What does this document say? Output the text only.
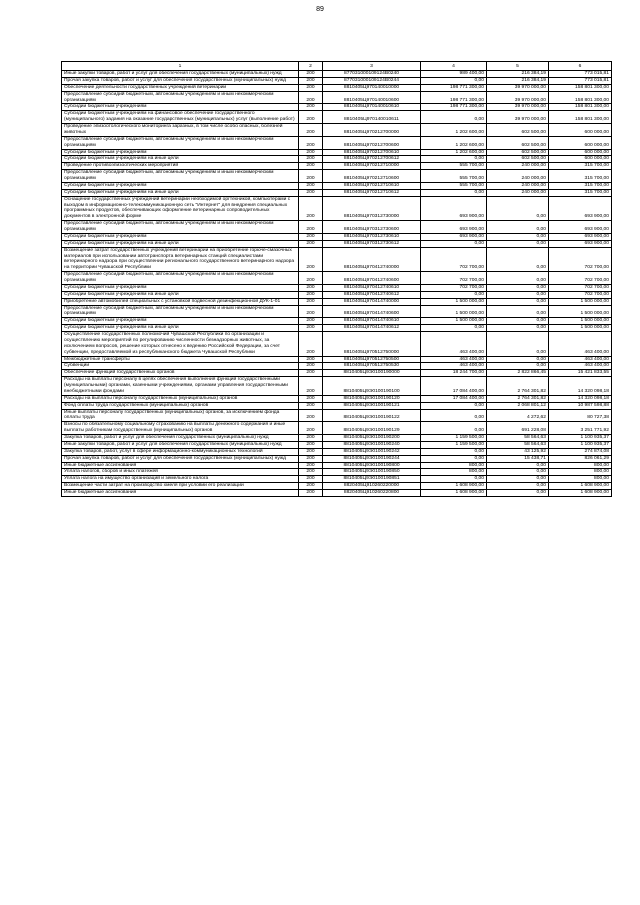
89
1	2	3	4	5	6
Иные закупки товаров, работ и услуг для обеспечения государственных (муниципальных) нужд	200	877031000109124B0240	989 400,00	216 384,19	773 015,81
Прочая закупка товаров, работ и услуг для обеспечения государственных (муниципальных) нужд	200	877031000109124B0244	0,00	216 384,19	773 015,81
Обеспечение деятельности государственных учреждений ветеринарии	200	8810405Ц970140010000	198 771 300,00	39 970 000,00	158 801 300,00
Предоставление субсидий бюджетным, автономным учреждениям и иным некоммерческим организациям	200	8810405Ц970140010600	198 771 300,00	39 970 000,00	158 801 300,00
Субсидии бюджетным учреждениям	200	8810405Ц970140010610	198 771 300,00	39 970 000,00	158 801 300,00
Субсидии бюджетным учреждениям на финансовое обеспечение государственного (муниципального) задания на оказание государственных (муниципальных) услуг (выполнение работ)	200	8810405Ц970140010611	0,00	39 970 000,00	158 801 300,00
Проведение эпизоотологического мониторинга заразных, в том числе особо опасных, болезней животных	200	8810405Ц970212700000	1 202 600,00	602 500,00	600 000,00
Предоставление субсидий бюджетным, автономным учреждениям и иным некоммерческим организациям	200	8810405Ц970212700600	1 202 600,00	602 500,00	600 000,00
Субсидии бюджетным учреждениям	200	8810405Ц970212700610	1 202 600,00	602 500,00	600 000,00
Субсидии бюджетным учреждениям на иные цели	200	8810405Ц970212700612	0,00	602 500,00	600 000,00
Проведение противоэпизоотических мероприятий	200	8810405Ц970212710000	555 700,00	240 000,00	315 700,00
Предоставление субсидий бюджетным, автономным учреждениям и иным некоммерческим организациям	200	8810405Ц970212710600	555 700,00	240 000,00	315 700,00
Субсидии бюджетным учреждениям	200	8810405Ц970212710610	555 700,00	240 000,00	315 700,00
Субсидии бюджетным учреждениям на иные цели	200	8810405Ц970212710612	0,00	240 000,00	315 700,00
Оснащение государственных учреждений ветеринарии необходимой оргтехникой, компьютерами с выходом в информационно-телекоммуникационную сеть "Интернет" для внедрения специальных программных продуктов, обеспечивающих оформление ветеринарных сопроводительных документов в электронной форме	200	8810405Ц970312730000	693 900,00	0,00	693 900,00
Предоставление субсидий бюджетным, автономным учреждениям и иным некоммерческим организациям	200	8810405Ц970312730600	693 900,00	0,00	693 900,00
Субсидии бюджетным учреждениям	200	8810405Ц970312730610	693 900,00	0,00	693 900,00
Субсидии бюджетным учреждениям на иные цели	200	8810405Ц970312730612	0,00	0,00	693 900,00
Возмещение затрат государственных учреждений ветеринарии на приобретение горюче-смазочных материалов при использовании автотранспорта ветеринарных станций специалистами ветеринарного надзора при осуществлении регионального государственного ветеринарного надзора на территории Чувашской Республики	200	8810405Ц970412740000	702 700,00	0,00	702 700,00
Предоставление субсидий бюджетным, автономным учреждениям и иным некоммерческим организациям	200	8810405Ц970412740600	702 700,00	0,00	702 700,00
Субсидии бюджетным учреждениям	200	8810405Ц970412740610	702 700,00	0,00	702 700,00
Субсидии бюджетным учреждениям на иные цели	200	8810405Ц970412740612	0,00	0,00	702 700,00
Приобретение автомобилей специальных с установкой подвесной дезинфекционной ДУК-1-01	200	8810405Ц970414740000	1 500 000,00	0,00	1 500 000,00
Предоставление субсидий бюджетным, автономным учреждениям и иным некоммерческим организациям	200	8810405Ц970414740600	1 500 000,00	0,00	1 500 000,00
Субсидии бюджетным учреждениям	200	8810405Ц970414740610	1 500 000,00	0,00	1 500 000,00
Субсидии бюджетным учреждениям на иные цели	200	8810405Ц970414740612	0,00	0,00	1 500 000,00
Осуществление государственных полномочий Чувашской Республики по организации и осуществлению мероприятий по регулированию численности безнадзорных животных, за исключением вопросов, решение которых отнесено к ведению Российской Федерации, за счет субвенции, предоставляемой из республиканского бюджета Чувашской Республики	200	8810405Ц970512750000	463 400,00	0,00	463 400,00
Межбюджетные трансферты	200	8810405Ц970512750500	463 400,00	0,00	463 400,00
Субвенции	200	8810405Ц970512750530	463 400,00	0,00	463 400,00
Обеспечение функций государственных органов	200	8810405Ц9Э0100190000	18 244 700,00	2 822 866,45	15 421 833,55
Расходы на выплаты персоналу в целях обеспечения выполнения функций государственными (муниципальными) органами, казенными учреждениями, органами управления государственными внебюджетными фондами	200	8810405Ц9Э0100190100	17 084 400,00	2 764 301,82	14 320 098,18
Расходы на выплаты персоналу государственных (муниципальных) органов	200	8810405Ц9Э0100190120	17 084 400,00	2 764 301,82	14 320 098,18
Фонд оплаты труда государственных (муниципальных) органов	200	8810405Ц9Э0100190121	0,00	2 068 801,12	10 987 598,88
Иные выплаты персоналу государственных (муниципальных) органов, за исключением фонда оплаты труда	200	8810405Ц9Э0100190122	0,00	4 272,62	80 727,38
Взносы по обязательному социальному страхованию на выплаты денежного содержания и иные выплаты работникам государственных (муниципальных) органов	200	8810405Ц9Э0100190129	0,00	691 228,08	3 251 771,92
Закупка товаров, работ и услуг для обеспечения государственных (муниципальных) нужд	200	8810405Ц9Э0100190200	1 159 500,00	58 564,63	1 100 935,37
Иные закупки товаров, работ и услуг для обеспечения государственных (муниципальных) нужд	200	8810405Ц9Э0100190240	1 159 500,00	58 564,63	1 100 935,37
Закупка товаров, работ, услуг в сфере информационно-коммуникационных технологий	200	8810405Ц9Э0100190242	0,00	43 125,92	274 874,08
Прочая закупка товаров, работ и услуг для обеспечения государственных (муниципальных) нужд	200	8810405Ц9Э0100190244	0,00	15 438,71	826 061,29
Иные бюджетные ассигнования	200	8810405Ц9Э0100190800	800,00	0,00	800,00
Уплата налогов, сборов и иных платежей	200	8810405Ц9Э0100190850	800,00	0,00	800,00
Уплата налога на имущество организаций и земельного налога	200	8810405Ц9Э0100190851	0,00	0,00	800,00
Возмещение части затрат на производство хмеля при условии его реализации	200	8820405Ц910260220000	1 608 900,00	0,00	1 608 900,00
Иные бюджетные ассигнования	200	8820405Ц910260220800	1 608 900,00	0,00	1 608 900,00
